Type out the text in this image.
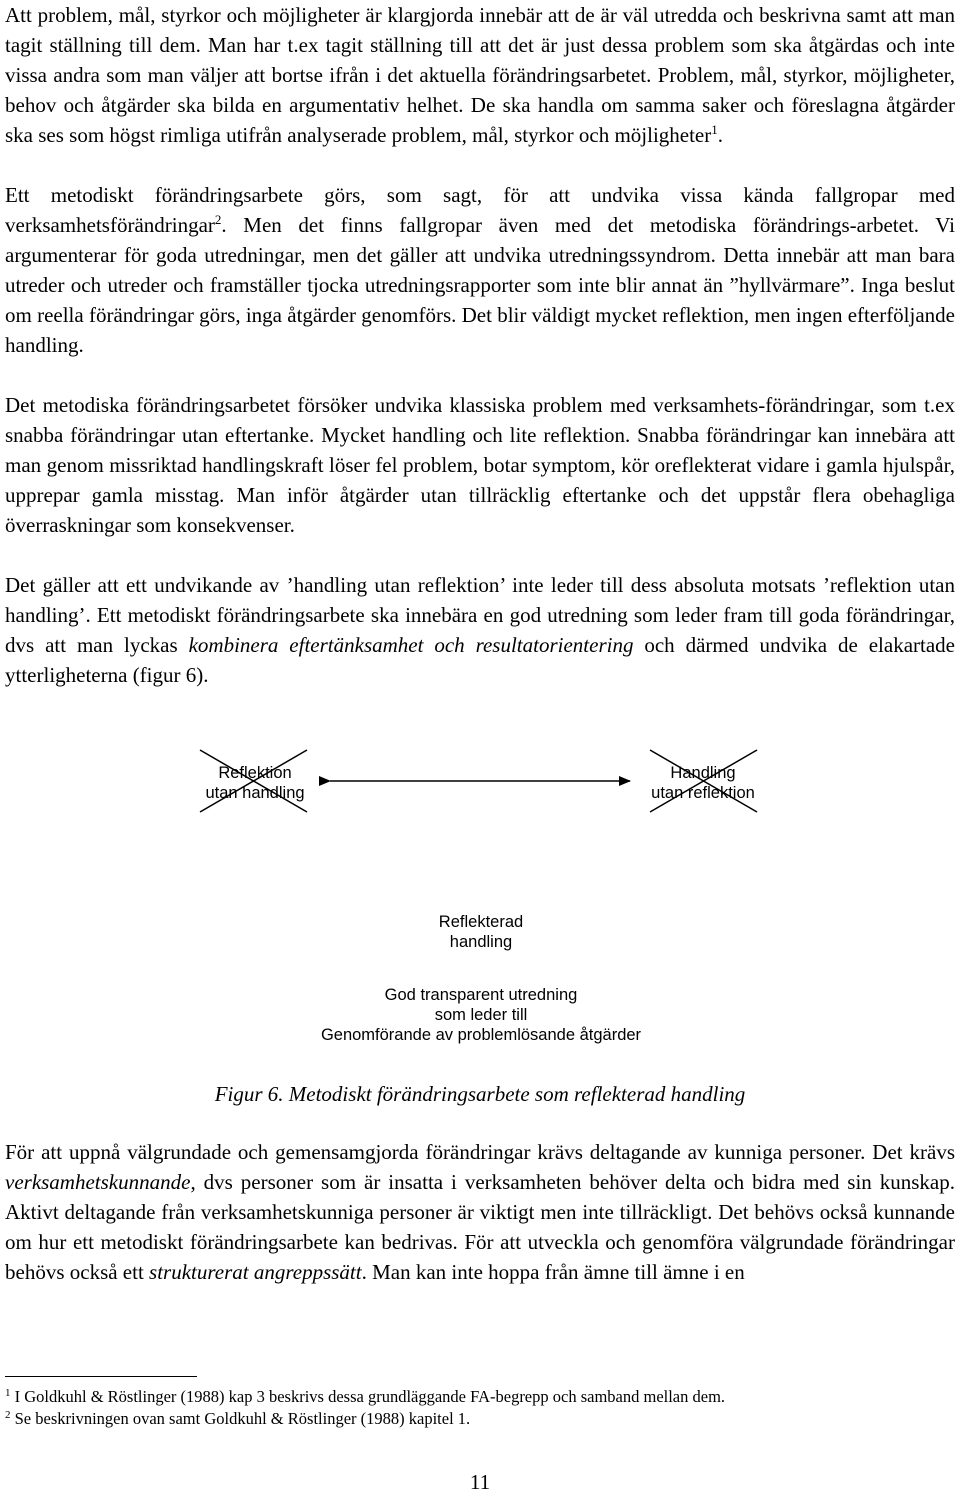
Att problem, mål, styrkor och möjligheter är klargjorda innebär att de är väl utredda och beskrivna samt att man tagit ställning till dem. Man har t.ex tagit ställning till att det är just dessa problem som ska åtgärdas och inte vissa andra som man väljer att bortse ifrån i det aktuella förändringsarbetet. Problem, mål, styrkor, möjligheter, behov och åtgärder ska bilda en argumentativ helhet. De ska handla om samma saker och föreslagna åtgärder ska ses som högst rimliga utifrån analyserade problem, mål, styrkor och möjligheter$^1$.

Ett metodiskt förändringsarbete görs, som sagt, för att undvika vissa kända fallgropar med verksamhetsförändringar$^2$. Men det finns fallgropar även med det metodiska förändrings-arbetet. Vi argumenterar för goda utredningar, men det gäller att undvika utredningssyndrom. Detta innebär att man bara utreder och utreder och framställer tjocka utredningsrapporter som inte blir annat än ”hyllvärmare”. Inga beslut om reella förändringar görs, inga åtgärder genomförs. Det blir väldigt mycket reflektion, men ingen efterföljande handling.

Det metodiska förändringsarbetet försöker undvika klassiska problem med verksamhets-förändringar, som t.ex snabba förändringar utan eftertanke. Mycket handling och lite reflektion. Snabba förändringar kan innebära att man genom missriktad handlingskraft löser fel problem, botar symptom, kör oreflekterat vidare i gamla hjulspår, upprepar gamla misstag. Man inför åtgärder utan tillräcklig eftertanke och det uppstår flera obehagliga överraskningar som konsekvenser.

Det gäller att ett undvikande av ’handling utan reflektion’ inte leder till dess absoluta motsats ’reflektion utan handling’. Ett metodiskt förändringsarbete ska innebära en god utredning som leder fram till goda förändringar, dvs att man lyckas kombinera eftertänksamhet och resultatorientering och därmed undvika de elakartade ytterligheterna (figur 6).

Reflektion
utan handling
Handling
utan reflektion
Reflekterad
handling
God transparent utredning
som leder till
Genomförande av problemlösande åtgärder
Figur 6. Metodiskt förändringsarbete som reflekterad handling

För att uppnå välgrundade och gemensamgjorda förändringar krävs deltagande av kunniga personer. Det krävs verksamhetskunnande, dvs personer som är insatta i verksamheten behöver delta och bidra med sin kunskap. Aktivt deltagande från verksamhetskunniga personer är viktigt men inte tillräckligt. Det behövs också kunnande om hur ett metodiskt förändringsarbete kan bedrivas. För att utveckla och genomföra välgrundade förändringar behövs också ett strukturerat angreppssätt. Man kan inte hoppa från ämne till ämne i en

$^1$ I Goldkuhl & Röstlinger (1988) kap 3 beskrivs dessa grundläggande FA-begrepp och samband mellan dem.
$^2$ Se beskrivningen ovan samt Goldkuhl & Röstlinger (1988) kapitel 1.
11
